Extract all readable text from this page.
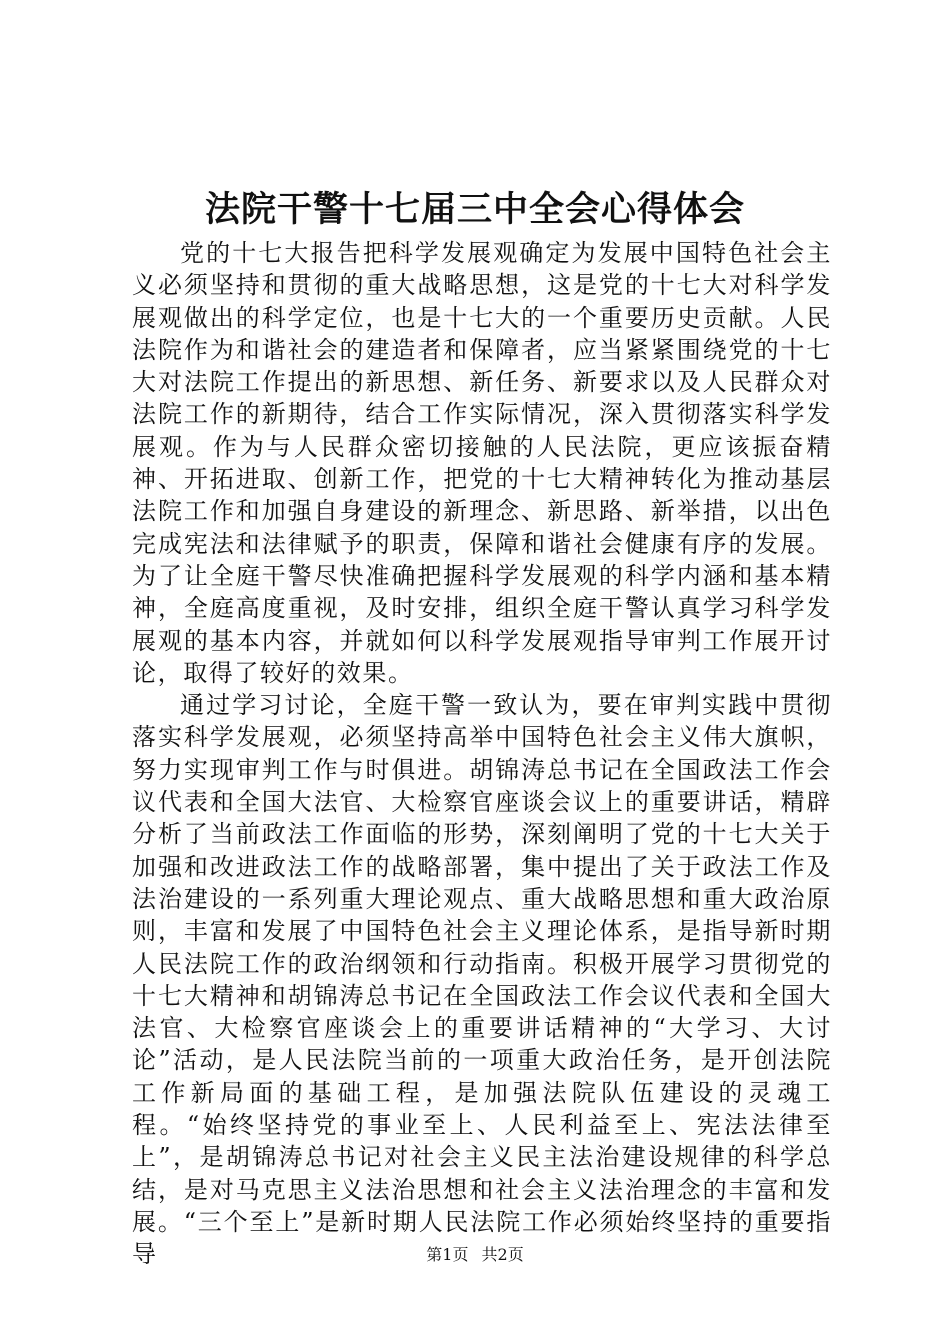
法院干警十七届三中全会心得体会

党的十七大报告把科学发展观确定为发展中国特色社会主义必须坚持和贯彻的重大战略思想，这是党的十七大对科学发展观做出的科学定位，也是十七大的一个重要历史贡献。人民法院作为和谐社会的建造者和保障者，应当紧紧围绕党的十七大对法院工作提出的新思想、新任务、新要求以及人民群众对法院工作的新期待，结合工作实际情况，深入贯彻落实科学发展观。作为与人民群众密切接触的人民法院，更应该振奋精神、开拓进取、创新工作，把党的十七大精神转化为推动基层法院工作和加强自身建设的新理念、新思路、新举措，以出色完成宪法和法律赋予的职责，保障和谐社会健康有序的发展。为了让全庭干警尽快准确把握科学发展观的科学内涵和基本精神，全庭高度重视，及时安排，组织全庭干警认真学习科学发展观的基本内容，并就如何以科学发展观指导审判工作展开讨论，取得了较好的效果。

通过学习讨论，全庭干警一致认为，要在审判实践中贯彻落实科学发展观，必须坚持高举中国特色社会主义伟大旗帜，努力实现审判工作与时俱进。胡锦涛总书记在全国政法工作会议代表和全国大法官、大检察官座谈会议上的重要讲话，精辟分析了当前政法工作面临的形势，深刻阐明了党的十七大关于加强和改进政法工作的战略部署，集中提出了关于政法工作及法治建设的一系列重大理论观点、重大战略思想和重大政治原则，丰富和发展了中国特色社会主义理论体系，是指导新时期人民法院工作的政治纲领和行动指南。积极开展学习贯彻党的十七大精神和胡锦涛总书记在全国政法工作会议代表和全国大法官、大检察官座谈会上的重要讲话精神的“大学习、大讨论”活动，是人民法院当前的一项重大政治任务，是开创法院工作新局面的基础工程，是加强法院队伍建设的灵魂工程。“始终坚持党的事业至上、人民利益至上、宪法法律至上”，是胡锦涛总书记对社会主义民主法治建设规律的科学总结，是对马克思主义法治思想和社会主义法治理念的丰富和发展。“三个至上”是新时期人民法院工作必须始终坚持的重要指导	第1页 共2页
